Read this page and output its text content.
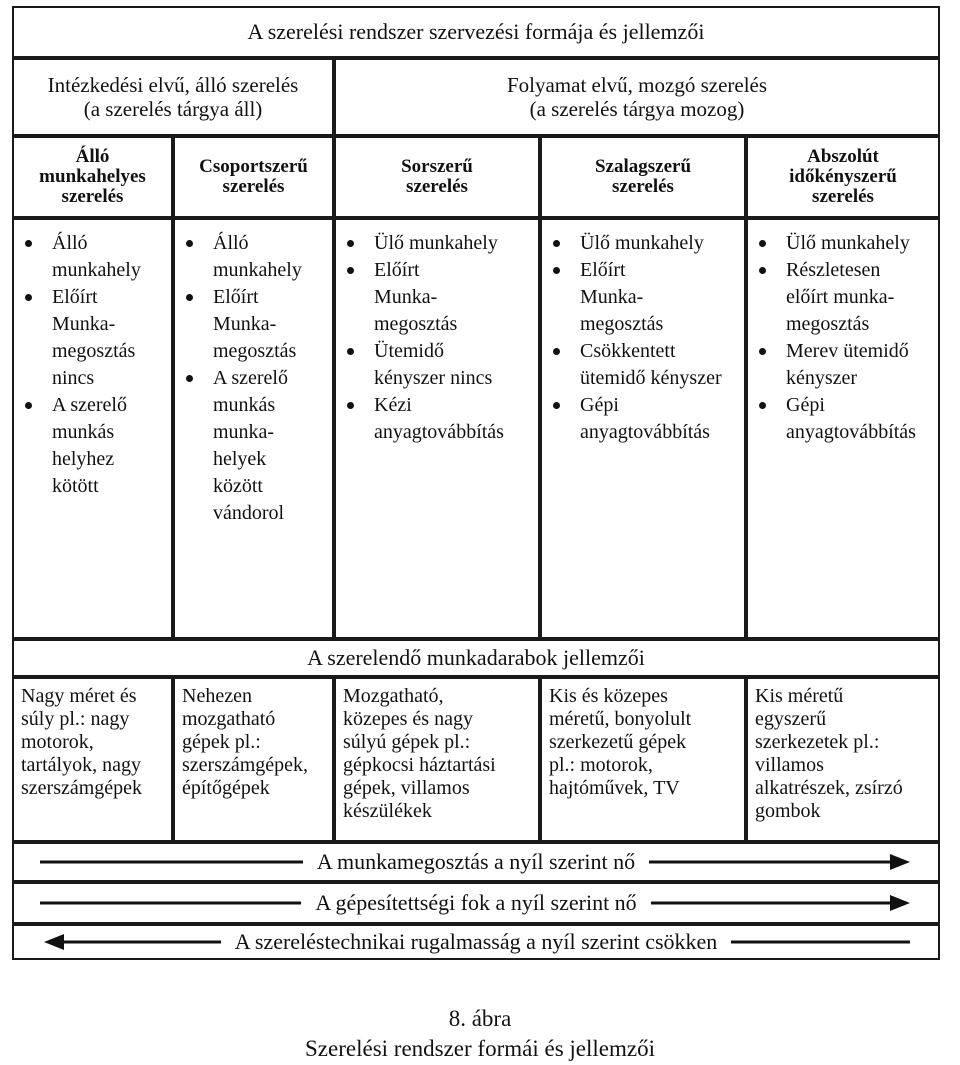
A szerelési rendszer szervezési formája és jellemzői
Intézkedési elvű, álló szerelés
(a szerelés tárgya áll)
Folyamat elvű, mozgó szerelés
(a szerelés tárgya mozog)
Álló
munkahelyes
szerelés
Csoportszerű
szerelés
Sorszerű
szerelés
Szalagszerű
szerelés
Abszolút
időkényszerű
szerelés
Álló
munkahely
Előírt
Munka-
megosztás
nincs
A szerelő
munkás
helyhez
kötött
Álló
munkahely
Előírt
Munka-
megosztás
A szerelő
munkás
munka-
helyek
között
vándorol
Ülő munkahely
Előírt
Munka-
megosztás
Ütemidő
kényszer nincs
Kézi
anyagtovábbítás
Ülő munkahely
Előírt
Munka-
megosztás
Csökkentett
ütemidő kényszer
Gépi
anyagtovábbítás
Ülő munkahely
Részletesen
előírt munka-
megosztás
Merev ütemidő
kényszer
Gépi
anyagtovábbítás
A szerelendő munkadarabok jellemzői
Nagy méret és
súly pl.: nagy
motorok,
tartályok, nagy
szerszámgépek
Nehezen
mozgatható
gépek pl.:
szerszámgépek,
építőgépek
Mozgatható,
közepes és nagy
súlyú gépek pl.:
gépkocsi háztartási
gépek, villamos
készülékek
Kis és közepes
méretű, bonyolult
szerkezetű gépek
pl.: motorok,
hajtóművek, TV
Kis méretű
egyszerű
szerkezetek pl.:
villamos
alkatrészek, zsírzó
gombok
A munkamegosztás a nyíl szerint nő
A gépesítettségi fok a nyíl szerint nő
A szereléstechnikai rugalmasság a nyíl szerint csökken
8. ábra
Szerelési rendszer formái és jellemzői
